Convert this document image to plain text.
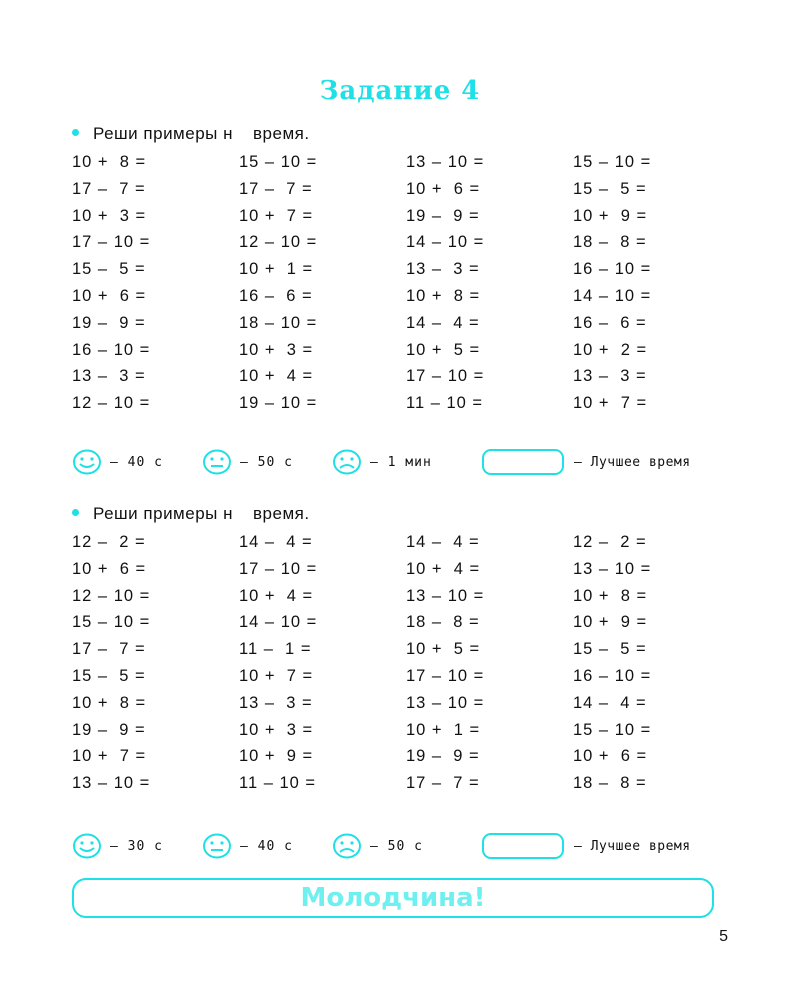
Задание 4
Реши примеры н время.
10 +  8 =	15 – 10 =	13 – 10 =	15 – 10 =
17 –  7 =	17 –  7 =	10 +  6 =	15 –  5 =
10 +  3 =	10 +  7 =	19 –  9 =	10 +  9 =
17 – 10 =	12 – 10 =	14 – 10 =	18 –  8 =
15 –  5 =	10 +  1 =	13 –  3 =	16 – 10 =
10 +  6 =	16 –  6 =	10 +  8 =	14 – 10 =
19 –  9 =	18 – 10 =	14 –  4 =	16 –  6 =
16 – 10 =	10 +  3 =	10 +  5 =	10 +  2 =
13 –  3 =	10 +  4 =	17 – 10 =	13 –  3 =
12 – 10 =	19 – 10 =	11 – 10 =	10 +  7 =
— 40 с	— 50 с	— 1 мин	— Лучшее время
Реши примеры н время.
12 –  2 =	14 –  4 =	14 –  4 =	12 –  2 =
10 +  6 =	17 – 10 =	10 +  4 =	13 – 10 =
12 – 10 =	10 +  4 =	13 – 10 =	10 +  8 =
15 – 10 =	14 – 10 =	18 –  8 =	10 +  9 =
17 –  7 =	11 –  1 =	10 +  5 =	15 –  5 =
15 –  5 =	10 +  7 =	17 – 10 =	16 – 10 =
10 +  8 =	13 –  3 =	13 – 10 =	14 –  4 =
19 –  9 =	10 +  3 =	10 +  1 =	15 – 10 =
10 +  7 =	10 +  9 =	19 –  9 =	10 +  6 =
13 – 10 =	11 – 10 =	17 –  7 =	18 –  8 =
— 30 с	— 40 с	— 50 с	— Лучшее время
Молодчина!
5
